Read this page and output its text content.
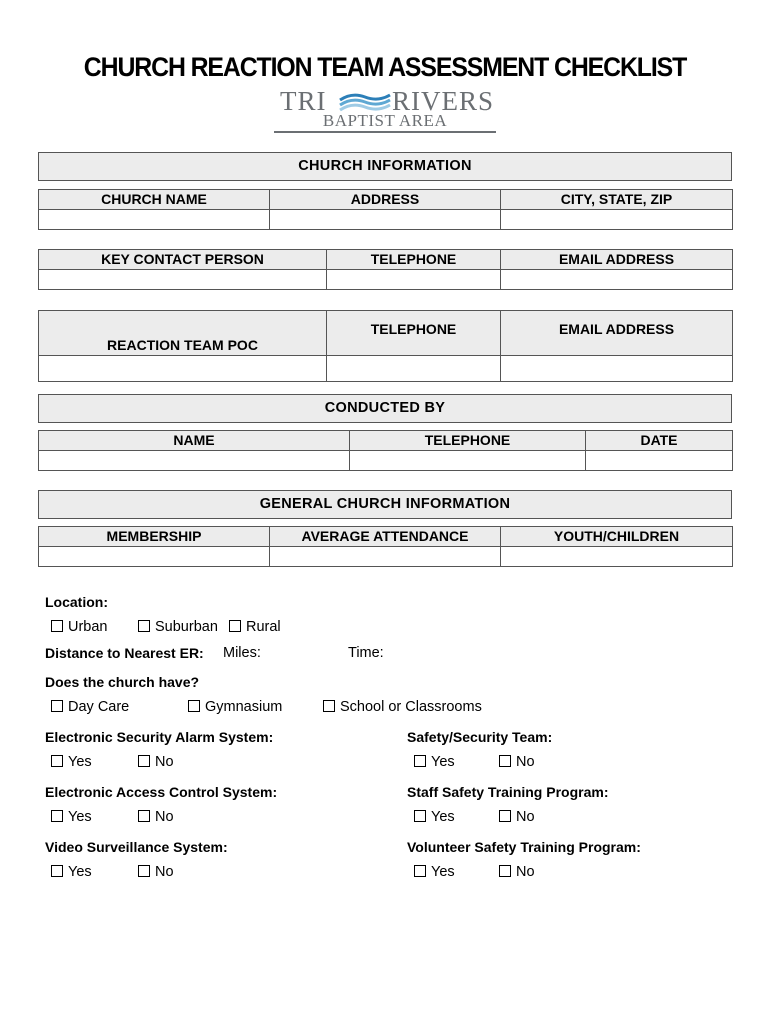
CHURCH REACTION TEAM ASSESSMENT CHECKLIST
TRI RIVERS
BAPTIST AREA
CHURCH INFORMATION
CHURCH NAME	ADDRESS	CITY, STATE, ZIP

KEY CONTACT PERSON	TELEPHONE	EMAIL ADDRESS

REACTION TEAM POC	TELEPHONE	EMAIL ADDRESS

CONDUCTED BY
NAME	TELEPHONE	DATE

GENERAL CHURCH INFORMATION
MEMBERSHIP	AVERAGE ATTENDANCE	YOUTH/CHILDREN

Location:
Urban	Suburban	Rural
Distance to Nearest ER: Miles:	Time:
Does the church have?
Day Care	Gymnasium	School or Classrooms
Electronic Security Alarm System:
Yes	No
Safety/Security Team:
Yes	No
Electronic Access Control System:
Yes	No
Staff Safety Training Program:
Yes	No
Video Surveillance System:
Yes	No
Volunteer Safety Training Program:
Yes	No
